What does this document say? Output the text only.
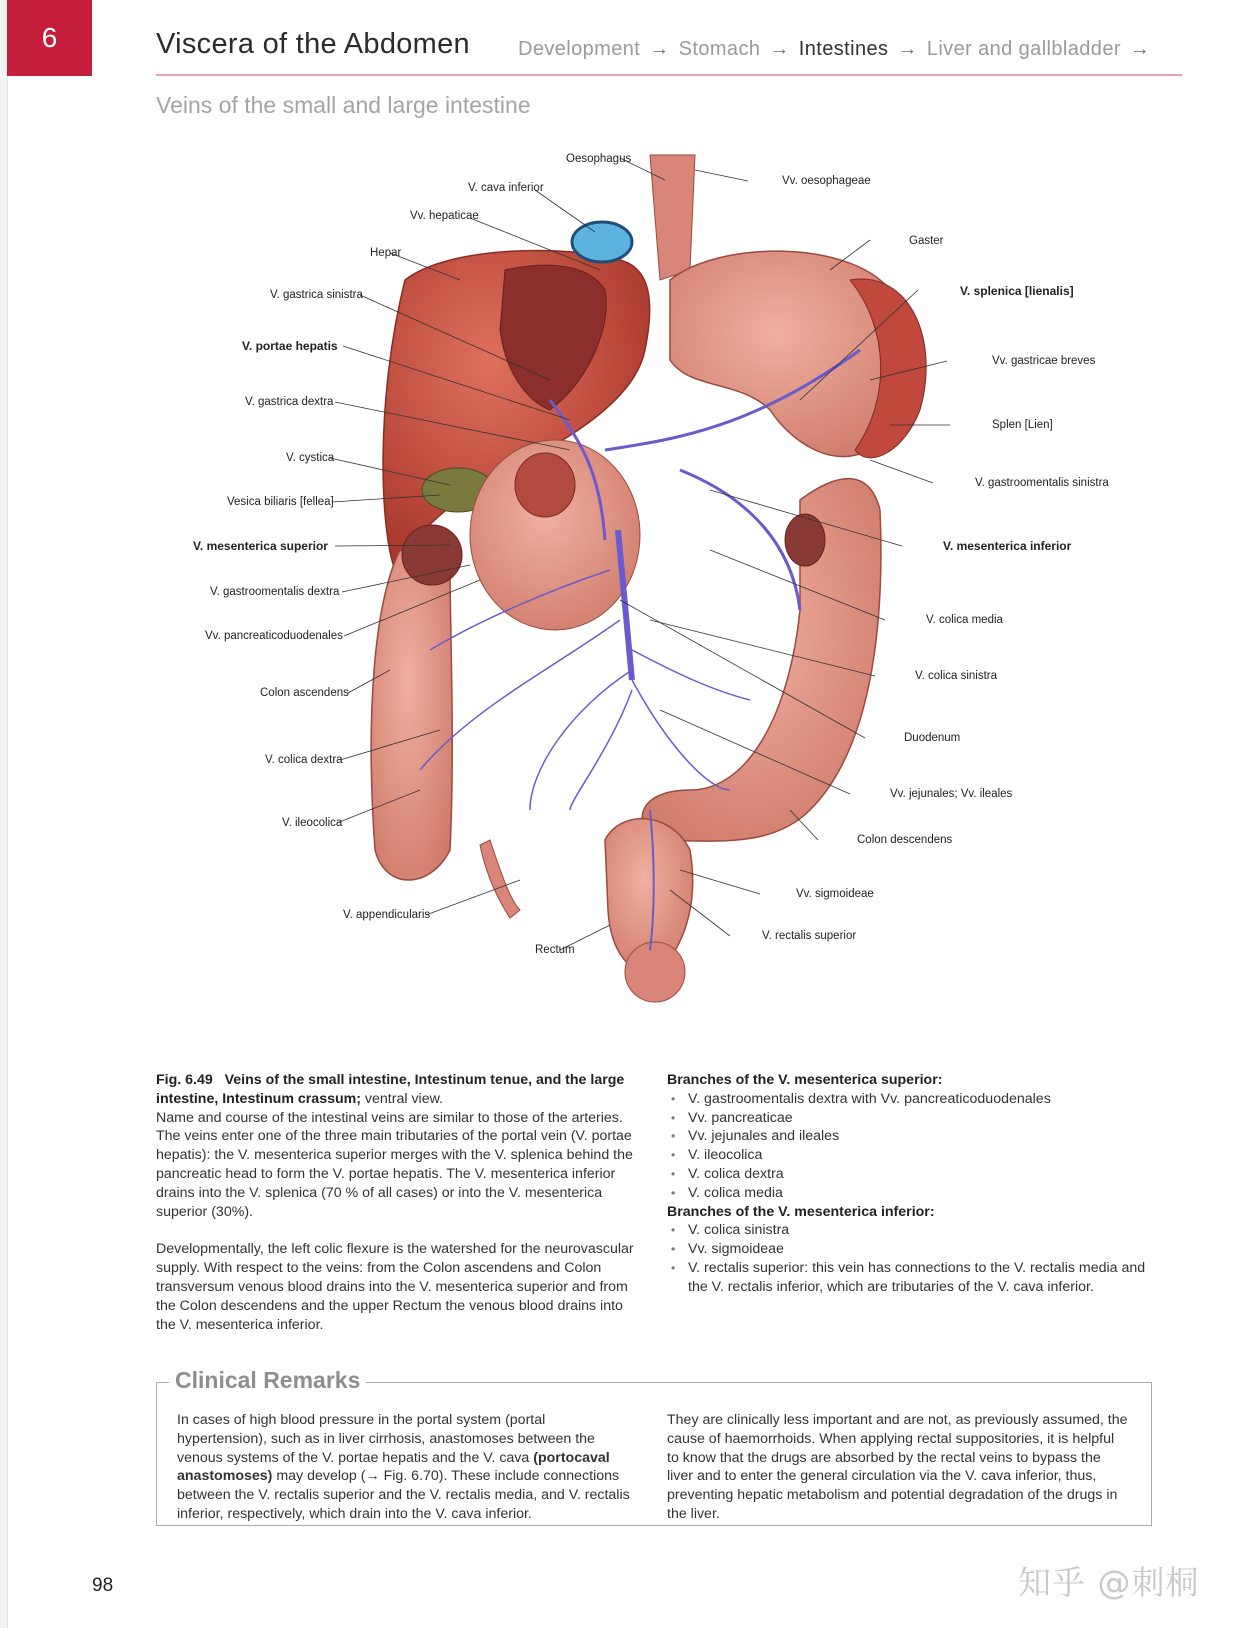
6	Viscera of the Abdomen Development → Stomach → Intestines → Liver and gallbladder →
Veins of the small and large intestine
Oesophagus
V. cava inferior
Vv. hepaticae
Hepar
V. gastrica sinistra
V. portae hepatis
V. gastrica dextra
V. cystica
Vesica biliaris [fellea]
V. mesenterica superior
V. gastroomentalis dextra
Vv. pancreaticoduodenales
Colon ascendens
V. colica dextra
V. ileocolica
V. appendicularis
Rectum
Vv. oesophageae
Gaster
V. splenica [lienalis]
Vv. gastricae breves
Splen [Lien]
V. gastroomentalis sinistra
V. mesenterica inferior
V. colica media
V. colica sinistra
Duodenum
Vv. jejunales; Vv. ileales
Colon descendens
Vv. sigmoideae
V. rectalis superior

Fig. 6.49 Veins of the small intestine, Intestinum tenue, and the large intestine, Intestinum crassum; ventral view.

Name and course of the intestinal veins are similar to those of the arteries. The veins enter one of the three main tributaries of the portal vein (V. portae hepatis): the V. mesenterica superior merges with the V. splenica behind the pancreatic head to form the V. portae hepatis. The V. mesenterica inferior drains into the V. splenica (70 % of all cases) or into the V. mesenterica superior (30%).

Developmentally, the left colic flexure is the watershed for the neurovascular supply. With respect to the veins: from the Colon ascendens and Colon transversum venous blood drains into the V. mesenterica superior and from the Colon descendens and the upper Rectum the venous blood drains into the V. mesenterica inferior.

Branches of the V. mesenterica superior:
• V. gastroomentalis dextra with Vv. pancreaticoduodenales
• Vv. pancreaticae
• Vv. jejunales and ileales
• V. ileocolica
• V. colica dextra
• V. colica media
Branches of the V. mesenterica inferior:
• V. colica sinistra
• Vv. sigmoideae
• V. rectalis superior: this vein has connections to the V. rectalis media and the V. rectalis inferior, which are tributaries of the V. cava inferior.
Clinical Remarks
In cases of high blood pressure in the portal system (portal hypertension), such as in liver cirrhosis, anastomoses between the venous systems of the V. portae hepatis and the V. cava (portocaval anastomoses) may develop (→ Fig. 6.70). These include connections between the V. rectalis superior and the V. rectalis media, and V. rectalis inferior, respectively, which drain into the V. cava inferior.
They are clinically less important and are not, as previously assumed, the cause of haemorrhoids. When applying rectal suppositories, it is helpful to know that the drugs are absorbed by the rectal veins to bypass the liver and to enter the general circulation via the V. cava inferior, thus, preventing hepatic metabolism and potential degradation of the drugs in the liver.
98	知乎 @刺桐
